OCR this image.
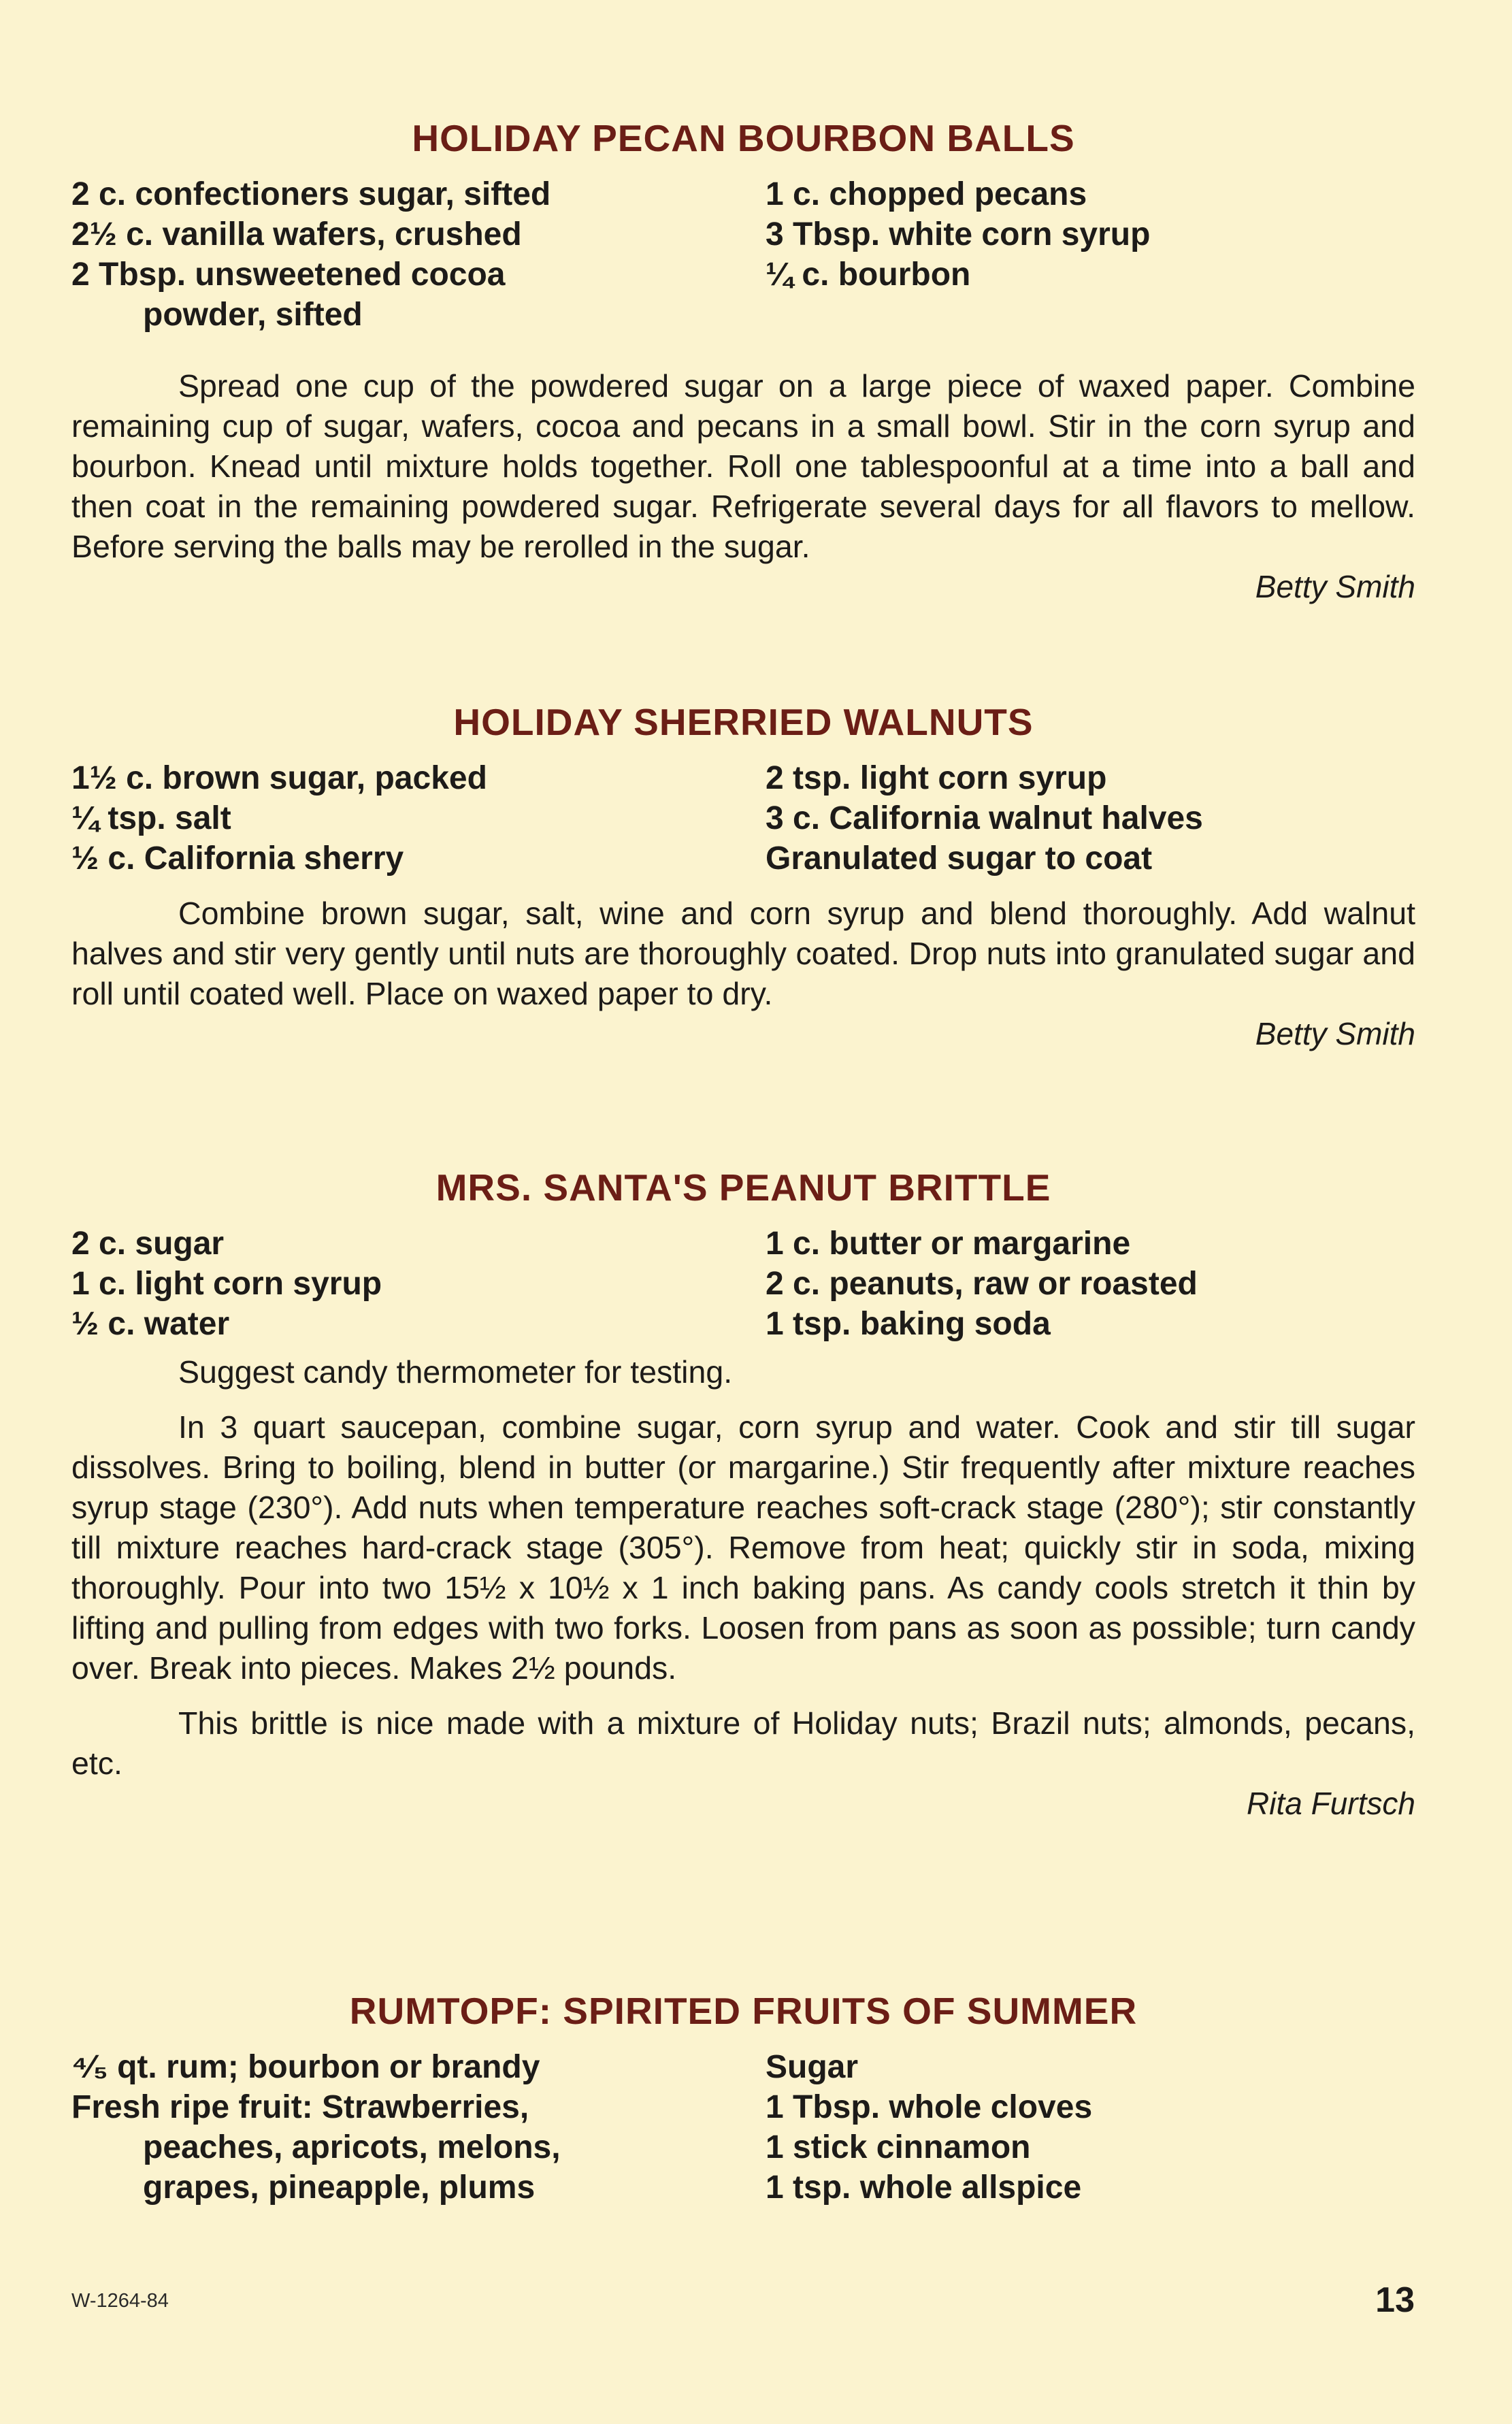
HOLIDAY PECAN BOURBON BALLS
2 c. confectioners sugar, sifted
2½ c. vanilla wafers, crushed
2 Tbsp. unsweetened cocoa
powder, sifted
1 c. chopped pecans
3 Tbsp. white corn syrup
¼ c. bourbon

Spread one cup of the powdered sugar on a large piece of waxed paper. Combine remaining cup of sugar, wafers, cocoa and pecans in a small bowl. Stir in the corn syrup and bourbon. Knead until mixture holds together. Roll one tablespoonful at a time into a ball and then coat in the remaining powdered sugar. Refrigerate several days for all flavors to mellow. Before serving the balls may be rerolled in the sugar.

Betty Smith
HOLIDAY SHERRIED WALNUTS
1½ c. brown sugar, packed
¼ tsp. salt
½ c. California sherry
2 tsp. light corn syrup
3 c. California walnut halves
Granulated sugar to coat

Combine brown sugar, salt, wine and corn syrup and blend thoroughly. Add walnut halves and stir very gently until nuts are thoroughly coated. Drop nuts into granulated sugar and roll until coated well. Place on waxed paper to dry.

Betty Smith
MRS. SANTA'S PEANUT BRITTLE
2 c. sugar
1 c. light corn syrup
½ c. water
1 c. butter or margarine
2 c. peanuts, raw or roasted
1 tsp. baking soda

Suggest candy thermometer for testing.

In 3 quart saucepan, combine sugar, corn syrup and water. Cook and stir till sugar dissolves. Bring to boiling, blend in butter (or margarine.) Stir frequently after mixture reaches syrup stage (230°). Add nuts when temperature reaches soft-crack stage (280°); stir constantly till mixture reaches hard-crack stage (305°). Remove from heat; quickly stir in soda, mixing thoroughly. Pour into two 15½ x 10½ x 1 inch baking pans. As candy cools stretch it thin by lifting and pulling from edges with two forks. Loosen from pans as soon as possible; turn candy over. Break into pieces. Makes 2½ pounds.

This brittle is nice made with a mixture of Holiday nuts; Brazil nuts; almonds, pecans, etc.

Rita Furtsch
RUMTOPF: SPIRITED FRUITS OF SUMMER
⁴⁄₅ qt. rum; bourbon or brandy
Fresh ripe fruit: Strawberries,
peaches, apricots, melons,
grapes, pineapple, plums
Sugar
1 Tbsp. whole cloves
1 stick cinnamon
1 tsp. whole allspice
W-1264-84	13
